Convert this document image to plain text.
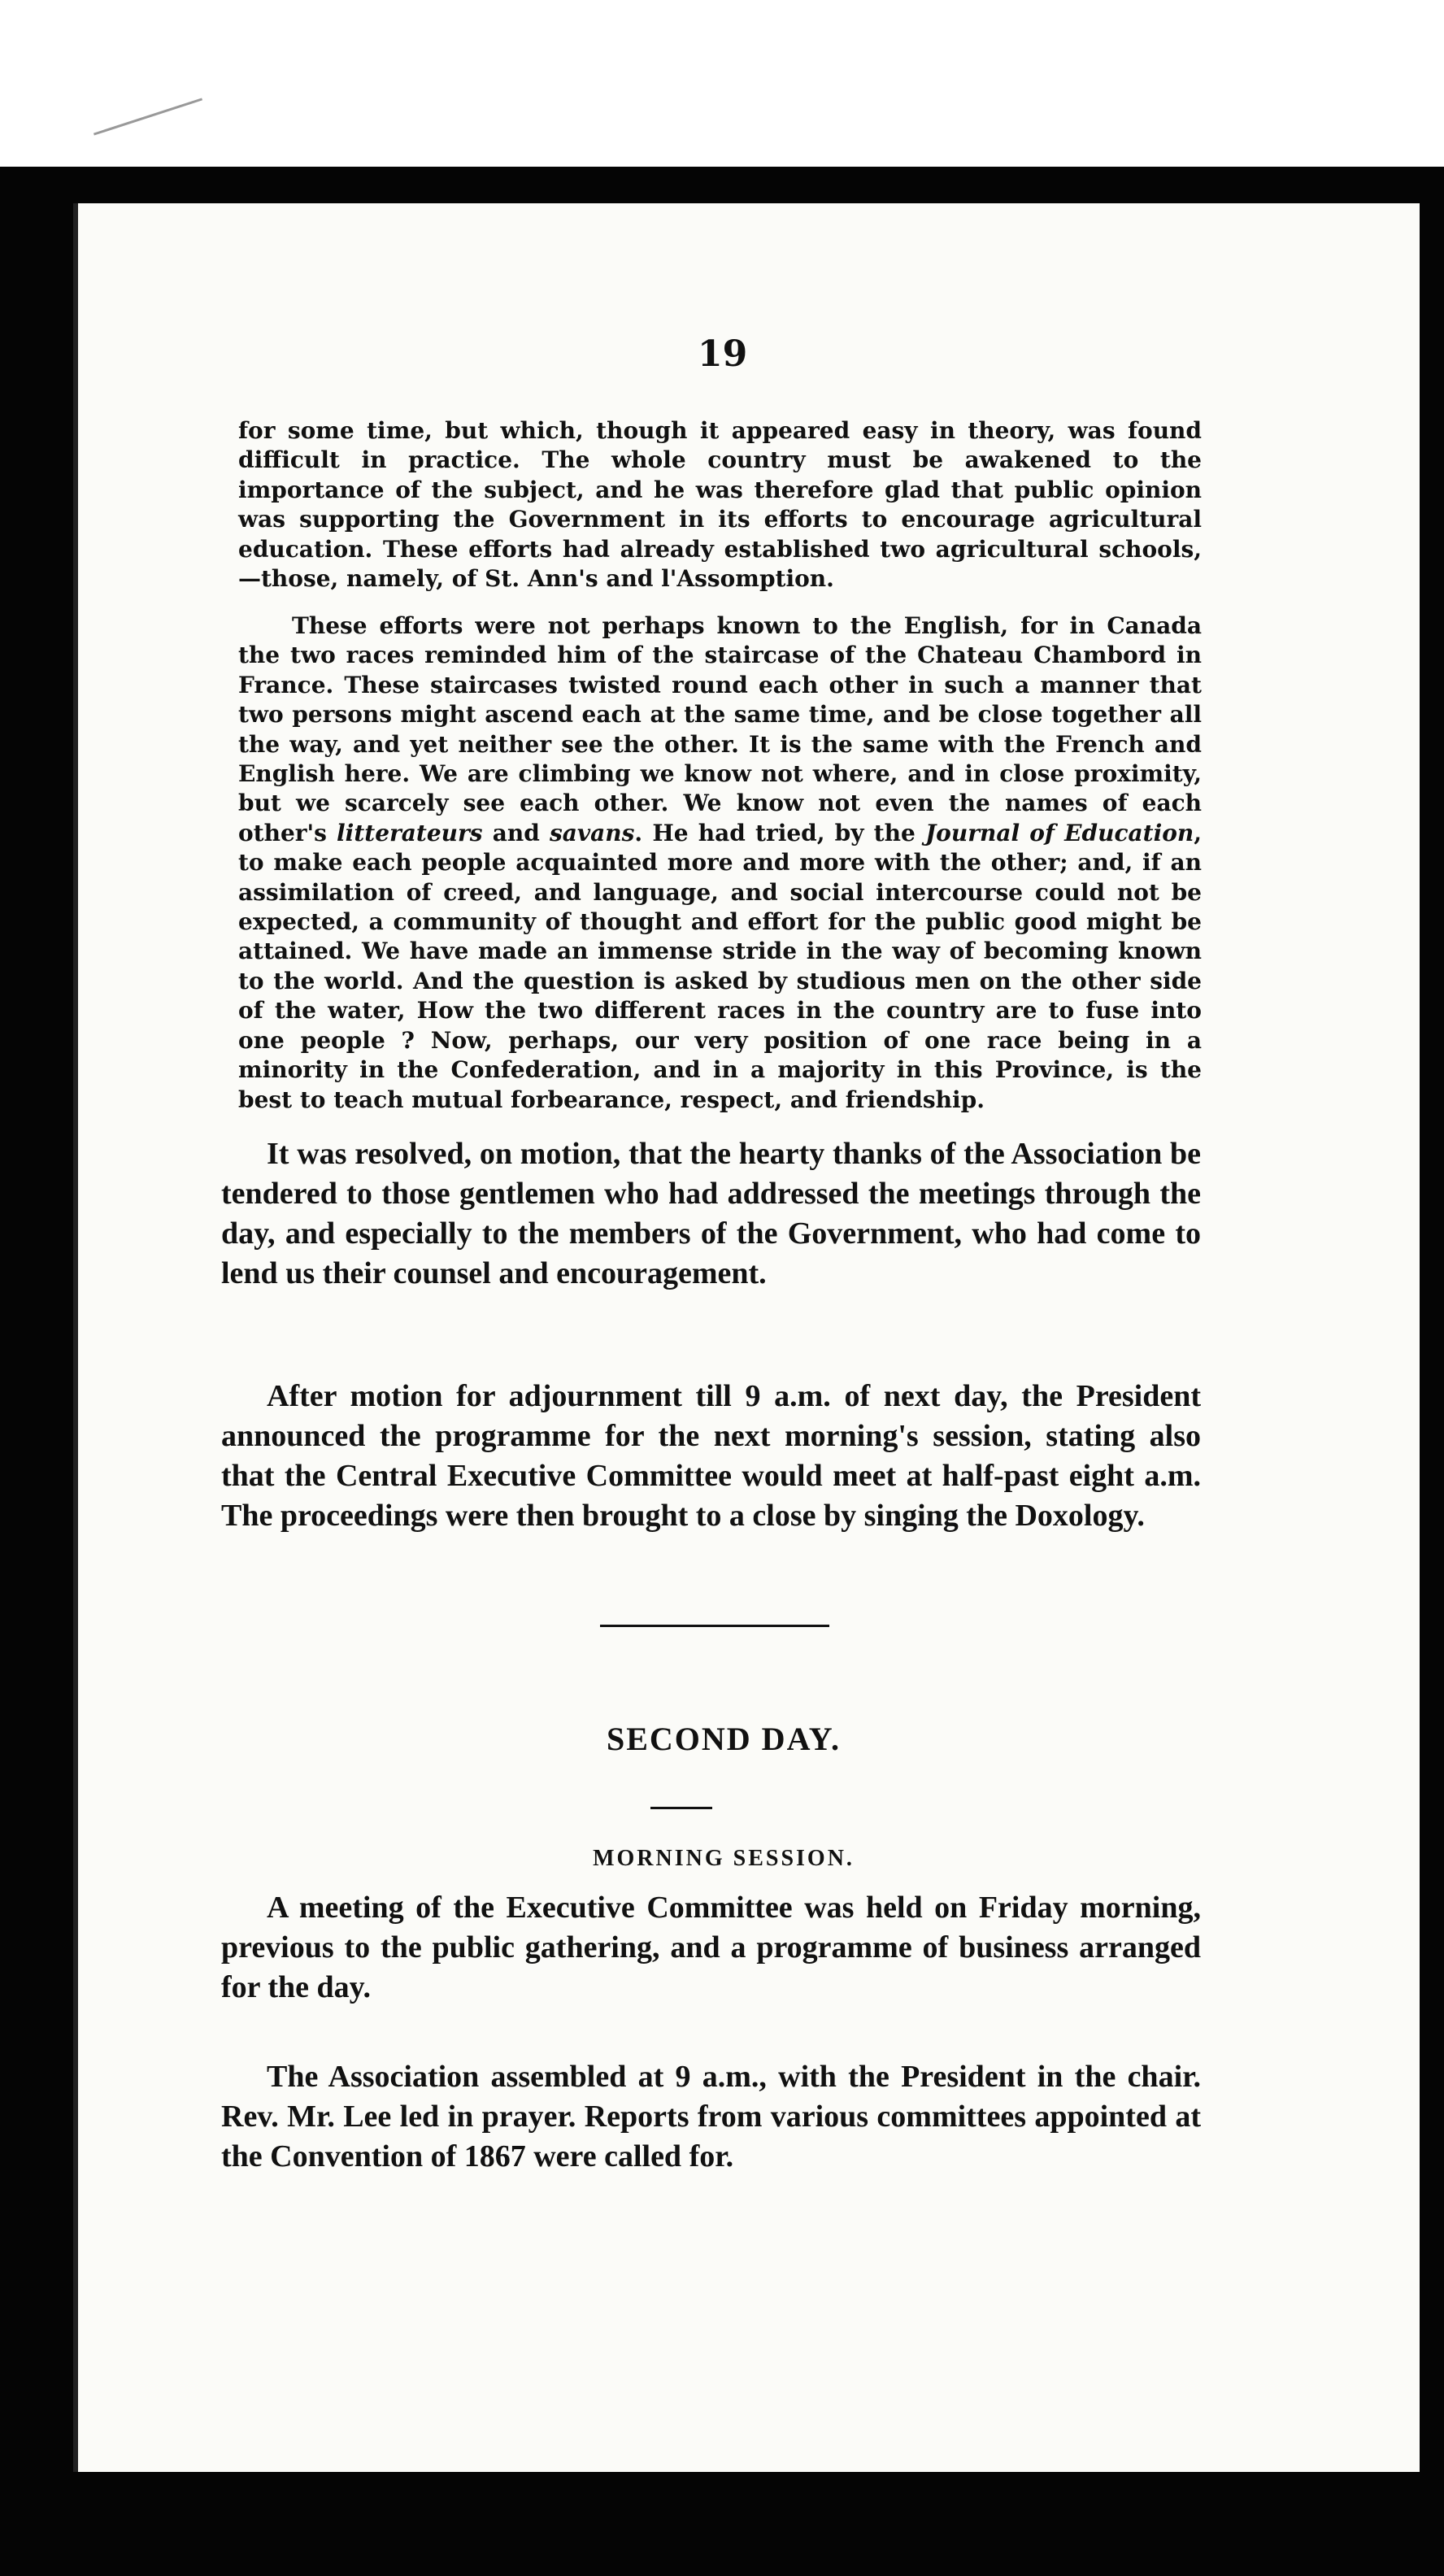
19

for some time, but which, though it appeared easy in theory, was found difficult in practice. The whole country must be awakened to the importance of the subject, and he was therefore glad that public opinion was supporting the Government in its efforts to encourage agricultural education. These efforts had already established two agricultural schools,—those, namely, of St. Ann's and l'Assomption.

These efforts were not perhaps known to the English, for in Canada the two races reminded him of the staircase of the Chateau Chambord in France. These staircases twisted round each other in such a manner that two persons might ascend each at the same time, and be close together all the way, and yet neither see the other. It is the same with the French and English here. We are climbing we know not where, and in close proximity, but we scarcely see each other. We know not even the names of each other's litterateurs and savans. He had tried, by the Journal of Education, to make each people acquainted more and more with the other; and, if an assimilation of creed, and language, and social intercourse could not be expected, a community of thought and effort for the public good might be attained. We have made an immense stride in the way of becoming known to the world. And the question is asked by studious men on the other side of the water, How the two different races in the country are to fuse into one people ? Now, perhaps, our very position of one race being in a minority in the Confederation, and in a majority in this Province, is the best to teach mutual forbearance, respect, and friendship.

It was resolved, on motion, that the hearty thanks of the Association be tendered to those gentlemen who had addressed the meetings through the day, and especially to the members of the Government, who had come to lend us their counsel and encouragement.

After motion for adjournment till 9 a.m. of next day, the President announced the programme for the next morning's session, stating also that the Central Executive Committee would meet at half-past eight a.m. The proceedings were then brought to a close by singing the Doxology.

SECOND DAY.
MORNING SESSION.

A meeting of the Executive Committee was held on Friday morning, previous to the public gathering, and a programme of business arranged for the day.

The Association assembled at 9 a.m., with the President in the chair. Rev. Mr. Lee led in prayer. Reports from various committees appointed at the Convention of 1867 were called for.
